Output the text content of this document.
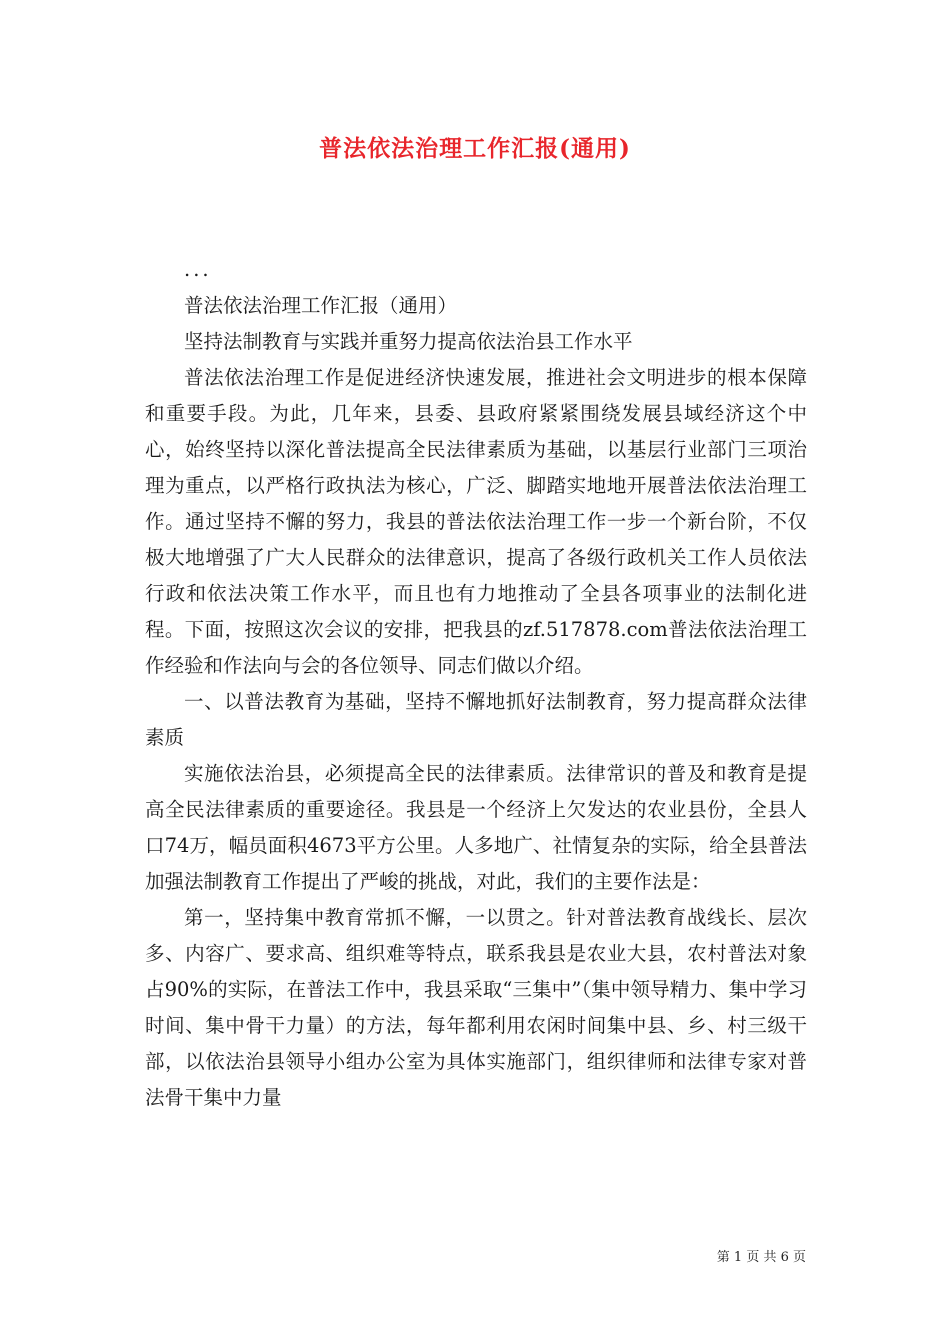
普法依法治理工作汇报(通用)

...

普法依法治理工作汇报（通用）

坚持法制教育与实践并重努力提高依法治县工作水平

普法依法治理工作是促进经济快速发展，推进社会文明进步的根本保障和重要手段。为此，几年来，县委、县政府紧紧围绕发展县域经济这个中心，始终坚持以深化普法提高全民法律素质为基础，以基层行业部门三项治理为重点，以严格行政执法为核心，广泛、脚踏实地地开展普法依法治理工作。通过坚持不懈的努力，我县的普法依法治理工作一步一个新台阶，不仅极大地增强了广大人民群众的法律意识，提高了各级行政机关工作人员依法行政和依法决策工作水平，而且也有力地推动了全县各项事业的法制化进程。下面，按照这次会议的安排，把我县的zf.517878.com普法依法治理工作经验和作法向与会的各位领导、同志们做以介绍。

一、以普法教育为基础，坚持不懈地抓好法制教育，努力提高群众法律素质

实施依法治县，必须提高全民的法律素质。法律常识的普及和教育是提高全民法律素质的重要途径。我县是一个经济上欠发达的农业县份，全县人口74万，幅员面积4673平方公里。人多地广、社情复杂的实际，给全县普法加强法制教育工作提出了严峻的挑战，对此，我们的主要作法是：

第一，坚持集中教育常抓不懈，一以贯之。针对普法教育战线长、层次多、内容广、要求高、组织难等特点，联系我县是农业大县，农村普法对象占90%的实际，在普法工作中，我县采取“三集中”（集中领导精力、集中学习时间、集中骨干力量）的方法，每年都利用农闲时间集中县、乡、村三级干部，以依法治县领导小组办公室为具体实施部门，组织律师和法律专家对普法骨干集中力量

第 1 页 共 6 页
